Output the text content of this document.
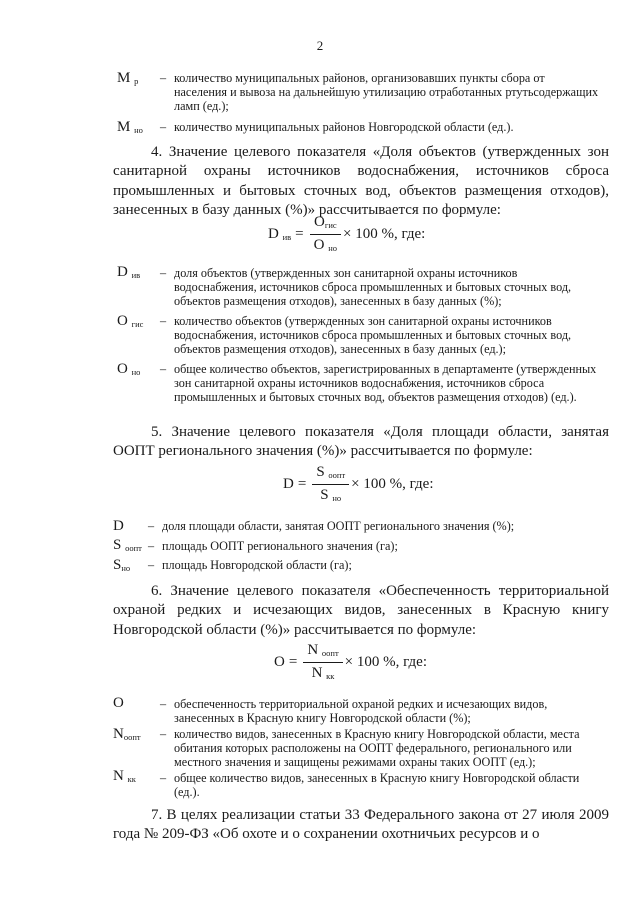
2
М $_р$ – количество муниципальных районов, организовавших пункты сбора от населения и вывоза на дальнейшую утилизацию отработанных ртутьсодержащих ламп (ед.);
М $_{но}$ – количество муниципальных районов Новгородской области (ед.).
4. Значение целевого показателя «Доля объектов (утвержденных зон санитарной охраны источников водоснабжения, источников сброса промышленных и бытовых сточных вод, объектов размещения отходов), занесенных в базу данных (%)» рассчитывается по формуле:
D $_{ив} = \frac{О_{гис}}{О _{но}} \times 100$ %, где:
D $_{ив}$ – доля объектов (утвержденных зон санитарной охраны источников водоснабжения, источников сброса промышленных и бытовых сточных вод, объектов размещения отходов), занесенных в базу данных (%);
О $_{гис}$ – количество объектов (утвержденных зон санитарной охраны источников водоснабжения, источников сброса промышленных и бытовых сточных вод, объектов размещения отходов), занесенных в базу данных (ед.);
О $_{но}$ – общее количество объектов, зарегистрированных в департаменте (утвержденных зон санитарной охраны источников водоснабжения, источников сброса промышленных и бытовых сточных вод, объектов размещения отходов) (ед.).
5. Значение целевого показателя «Доля площади области, занятая ООПТ регионального значения (%)» рассчитывается по формуле:
$D = \frac{S _{оопт}}{S _{но}} \times 100$ %, где:
D – доля площади области, занятая ООПТ регионального значения (%);
S $_{оопт}$ – площадь ООПТ регионального значения (га);
$S_{но}$ – площадь Новгородской области (га);
6. Значение целевого показателя «Обеспеченность территориальной охраной редких и исчезающих видов, занесенных в Красную книгу Новгородской области (%)» рассчитывается по формуле:
$О = \frac{N _{оопт}}{N _{кк}} \times 100$ %, где:
О	– обеспеченность территориальной охраной редких и исчезающих видов, занесенных в Красную книгу Новгородской области (%);
$N_{оопт}$ – количество видов, занесенных в Красную книгу Новгородской области, места обитания которых расположены на ООПТ федерального, регионального или местного значения и защищены режимами охраны таких ООПТ (ед.);
N $_{кк}$ – общее количество видов, занесенных в Красную книгу Новгородской области (ед.).
7. В целях реализации статьи 33 Федерального закона от 27 июля 2009 года № 209-ФЗ «Об охоте и о сохранении охотничьих ресурсов и о
